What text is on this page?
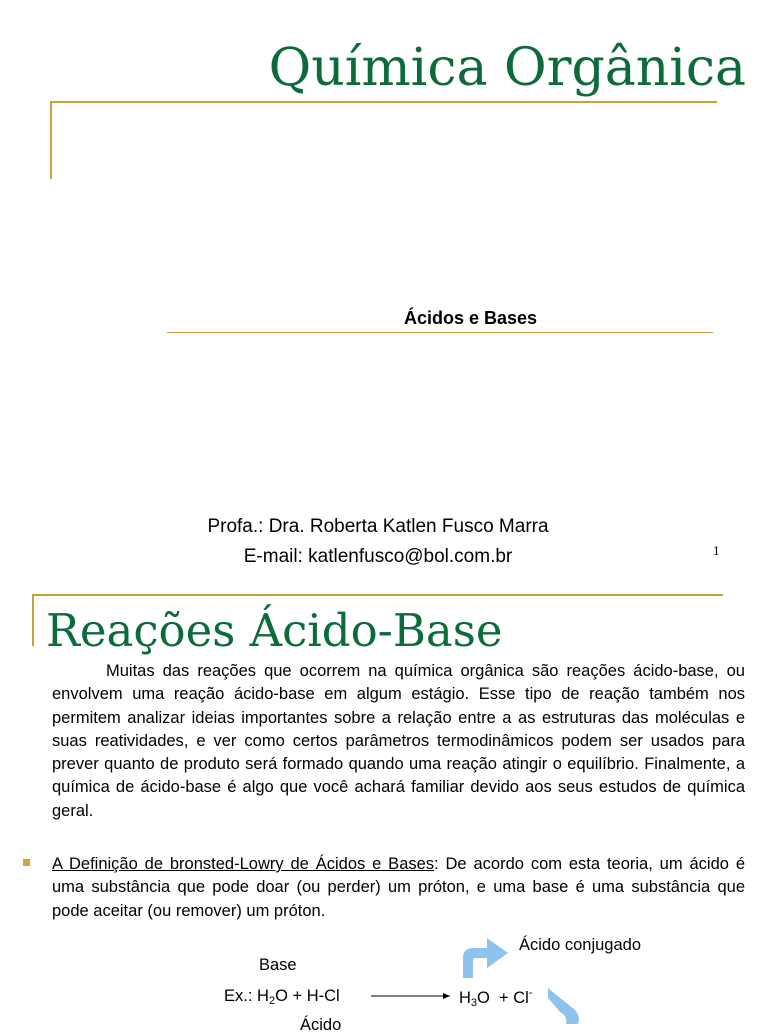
Química Orgânica
Ácidos e Bases
Profa.: Dra. Roberta Katlen Fusco Marra
E-mail: katlenfusco@bol.com.br	1
Reações Ácido-Base

Muitas das reações que ocorrem na química orgânica são reações ácido-base, ou envolvem uma reação ácido-base em algum estágio. Esse tipo de reação também nos permitem analizar ideias importantes sobre a relação entre a as estruturas das moléculas e suas reatividades, e ver como certos parâmetros termodinâmicos podem ser usados para prever quanto de produto será formado quando uma reação atingir o equilíbrio. Finalmente, a química de ácido-base é algo que você achará familiar devido aos seus estudos de química geral.

A Definição de bronsted-Lowry de Ácidos e Bases: De acordo com esta teoria, um ácido é uma substância que pode doar (ou perder) um próton, e uma base é uma substância que pode aceitar (ou remover) um próton.

Ácido conjugado
Base
Ex.: $H_2O + H-Cl$	$H_3O + Cl^-$
Ácido
